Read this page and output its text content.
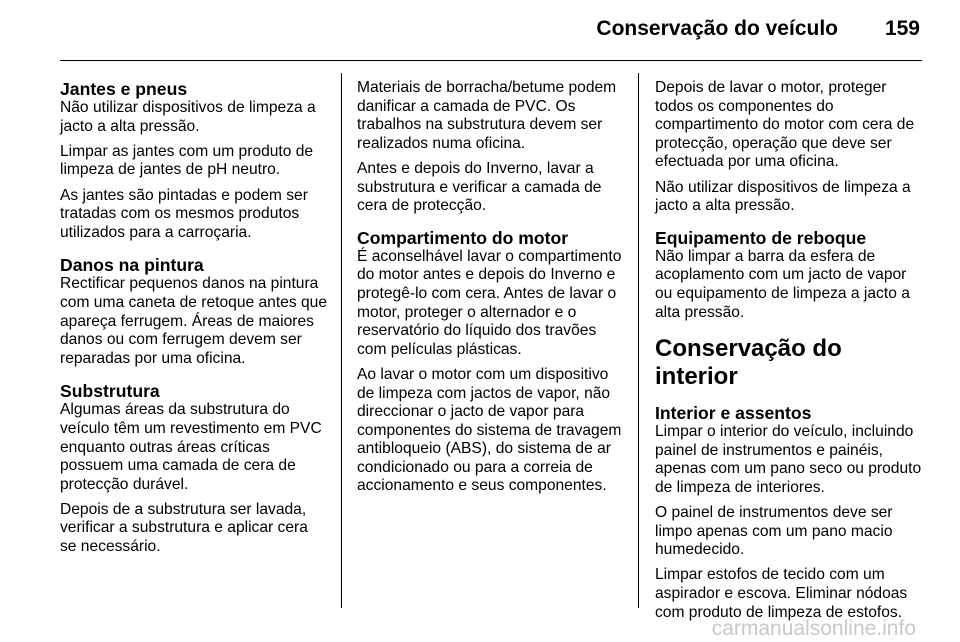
Conservação do veículo 159
Jantes e pneus

Não utilizar dispositivos de limpeza a jacto a alta pressão.

Limpar as jantes com um produto de limpeza de jantes de pH neutro.

As jantes são pintadas e podem ser tratadas com os mesmos produtos utilizados para a carroçaria.

Danos na pintura

Rectificar pequenos danos na pintura com uma caneta de retoque antes que apareça ferrugem. Áreas de maiores danos ou com ferrugem devem ser reparadas por uma oficina.

Substrutura

Algumas áreas da substrutura do veículo têm um revestimento em PVC enquanto outras áreas críticas possuem uma camada de cera de protecção durável.

Depois de a substrutura ser lavada, verificar a substrutura e aplicar cera se necessário.

Materiais de borracha/betume podem danificar a camada de PVC. Os trabalhos na substrutura devem ser realizados numa oficina.

Antes e depois do Inverno, lavar a substrutura e verificar a camada de cera de protecção.

Compartimento do motor

É aconselhável lavar o compartimento do motor antes e depois do Inverno e protegê-lo com cera. Antes de lavar o motor, proteger o alternador e o reservatório do líquido dos travões com películas plásticas.

Ao lavar o motor com um dispositivo de limpeza com jactos de vapor, não direccionar o jacto de vapor para componentes do sistema de travagem antibloqueio (ABS), do sistema de ar condicionado ou para a correia de accionamento e seus componentes.

Depois de lavar o motor, proteger todos os componentes do compartimento do motor com cera de protecção, operação que deve ser efectuada por uma oficina.

Não utilizar dispositivos de limpeza a jacto a alta pressão.

Equipamento de reboque

Não limpar a barra da esfera de acoplamento com um jacto de vapor ou equipamento de limpeza a jacto a alta pressão.

Conservação do interior
Interior e assentos

Limpar o interior do veículo, incluindo painel de instrumentos e painéis, apenas com um pano seco ou produto de limpeza de interiores.

O painel de instrumentos deve ser limpo apenas com um pano macio humedecido.

Limpar estofos de tecido com um aspirador e escova. Eliminar nódoas com produto de limpeza de estofos.

carmanualsonline.info
